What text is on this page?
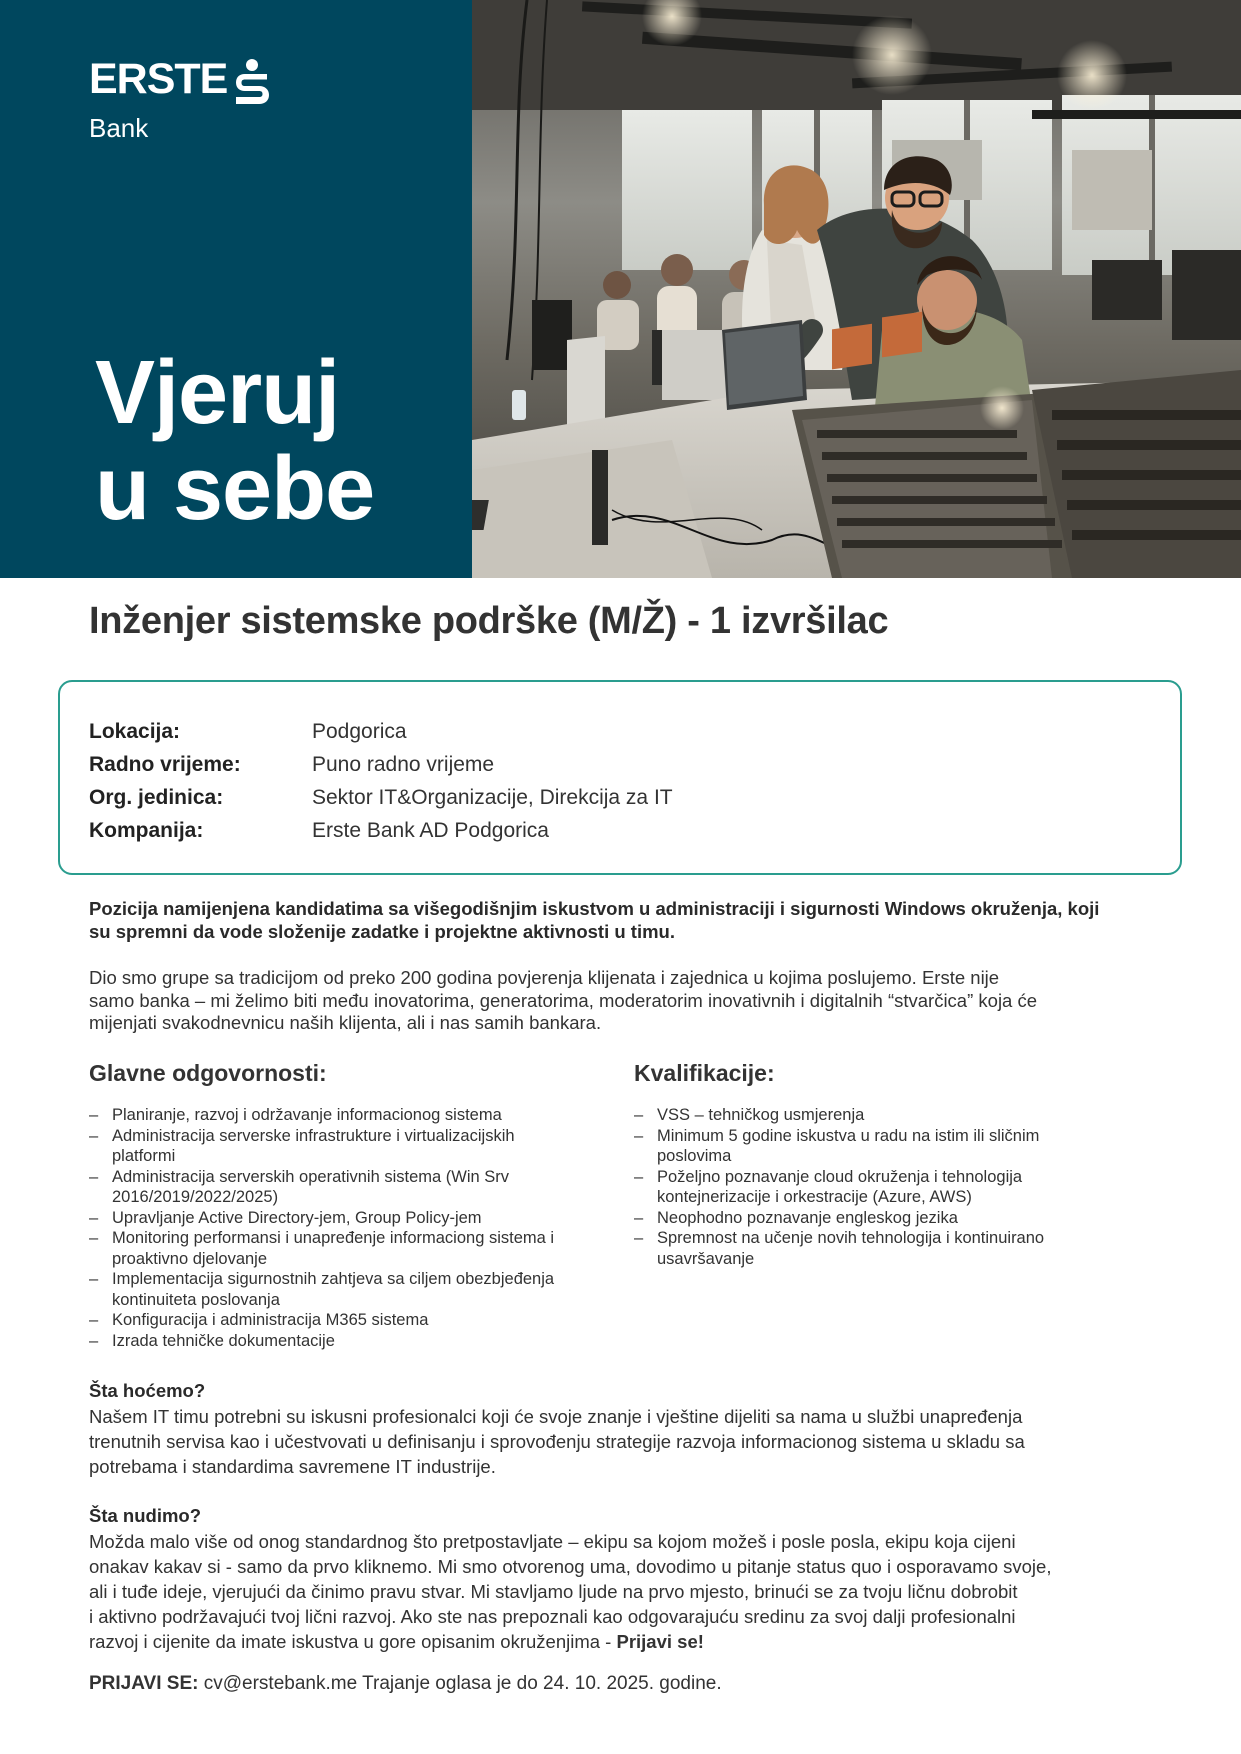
ERSTE
Bank
Vjeruj
u sebe
Inženjer sistemske podrške (M/Ž) - 1 izvršilac
Lokacija:	Podgorica
Radno vrijeme:	Puno radno vrijeme
Org. jedinica:	Sektor IT&Organizacije, Direkcija za IT
Kompanija:	Erste Bank AD Podgorica
Pozicija namijenjena kandidatima sa višegodišnjim iskustvom u administraciji i sigurnosti Windows okruženja, koji
su spremni da vode složenije zadatke i projektne aktivnosti u timu.
Dio smo grupe sa tradicijom od preko 200 godina povjerenja klijenata i zajednica u kojima poslujemo. Erste nije
samo banka – mi želimo biti među inovatorima, generatorima, moderatorim inovativnih i digitalnih “stvarčica” koja će
mijenjati svakodnevnicu naših klijenta, ali i nas samih bankara.
Glavne odgovornosti:
– Planiranje, razvoj i održavanje informacionog sistema
– Administracija serverske infrastrukture i virtualizacijskih
platformi
– Administracija serverskih operativnih sistema (Win Srv
2016/2019/2022/2025)
– Upravljanje Active Directory-jem, Group Policy-jem
– Monitoring performansi i unapređenje informaciong sistema i
proaktivno djelovanje
– Implementacija sigurnostnih zahtjeva sa ciljem obezbjeđenja
kontinuiteta poslovanja
– Konfiguracija i administracija M365 sistema
– Izrada tehničke dokumentacije
Kvalifikacije:
– VSS – tehničkog usmjerenja
– Minimum 5 godine iskustva u radu na istim ili sličnim
poslovima
– Poželjno poznavanje cloud okruženja i tehnologija
kontejnerizacije i orkestracije (Azure, AWS)
– Neophodno poznavanje engleskog jezika
– Spremnost na učenje novih tehnologija i kontinuirano
usavršavanje
Šta hoćemo?
Našem IT timu potrebni su iskusni profesionalci koji će svoje znanje i vještine dijeliti sa nama u službi unapređenja
trenutnih servisa kao i učestvovati u definisanju i sprovođenju strategije razvoja informacionog sistema u skladu sa
potrebama i standardima savremene IT industrije.
Šta nudimo?
Možda malo više od onog standardnog što pretpostavljate – ekipu sa kojom možeš i posle posla, ekipu koja cijeni
onakav kakav si - samo da prvo kliknemo. Mi smo otvorenog uma, dovodimo u pitanje status quo i osporavamo svoje,
ali i tuđe ideje, vjerujući da činimo pravu stvar. Mi stavljamo ljude na prvo mjesto, brinući se za tvoju ličnu dobrobit
i aktivno podržavajući tvoj lični razvoj. Ako ste nas prepoznali kao odgovarajuću sredinu za svoj dalji profesionalni
razvoj i cijenite da imate iskustva u gore opisanim okruženjima - Prijavi se!
PRIJAVI SE: cv@erstebank.me Trajanje oglasa je do 24. 10. 2025. godine.
